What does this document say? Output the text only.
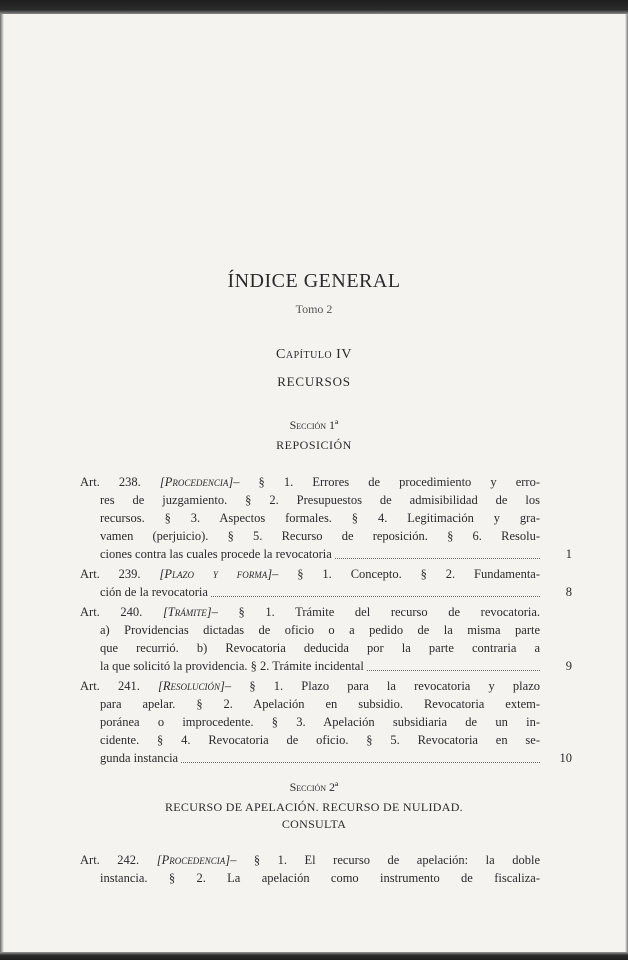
ÍNDICE GENERAL
Tomo 2
Capítulo IV
RECURSOS
Sección 1ª
REPOSICIÓN
Art. 238. [Procedencia]– § 1. Errores de procedimiento y erro-
res de juzgamiento. § 2. Presupuestos de admisibilidad de los
recursos. § 3. Aspectos formales. § 4. Legitimación y gra-
vamen (perjuicio). § 5. Recurso de reposición. § 6. Resolu-
ciones contra las cuales procede la revocatoria	1
Art. 239. [Plazo y forma]– § 1. Concepto. § 2. Fundamenta-
ción de la revocatoria	8
Art. 240. [Trámite]– § 1. Trámite del recurso de revocatoria.
a) Providencias dictadas de oficio o a pedido de la misma parte
que recurrió. b) Revocatoria deducida por la parte contraria a
la que solicitó la providencia. § 2. Trámite incidental	9
Art. 241. [Resolución]– § 1. Plazo para la revocatoria y plazo
para apelar. § 2. Apelación en subsidio. Revocatoria extem-
poránea o improcedente. § 3. Apelación subsidiaria de un in-
cidente. § 4. Revocatoria de oficio. § 5. Revocatoria en se-
gunda instancia	10
Sección 2ª
RECURSO DE APELACIÓN. RECURSO DE NULIDAD.
CONSULTA
Art. 242. [Procedencia]– § 1. El recurso de apelación: la doble
instancia. § 2. La apelación como instrumento de fiscaliza-
